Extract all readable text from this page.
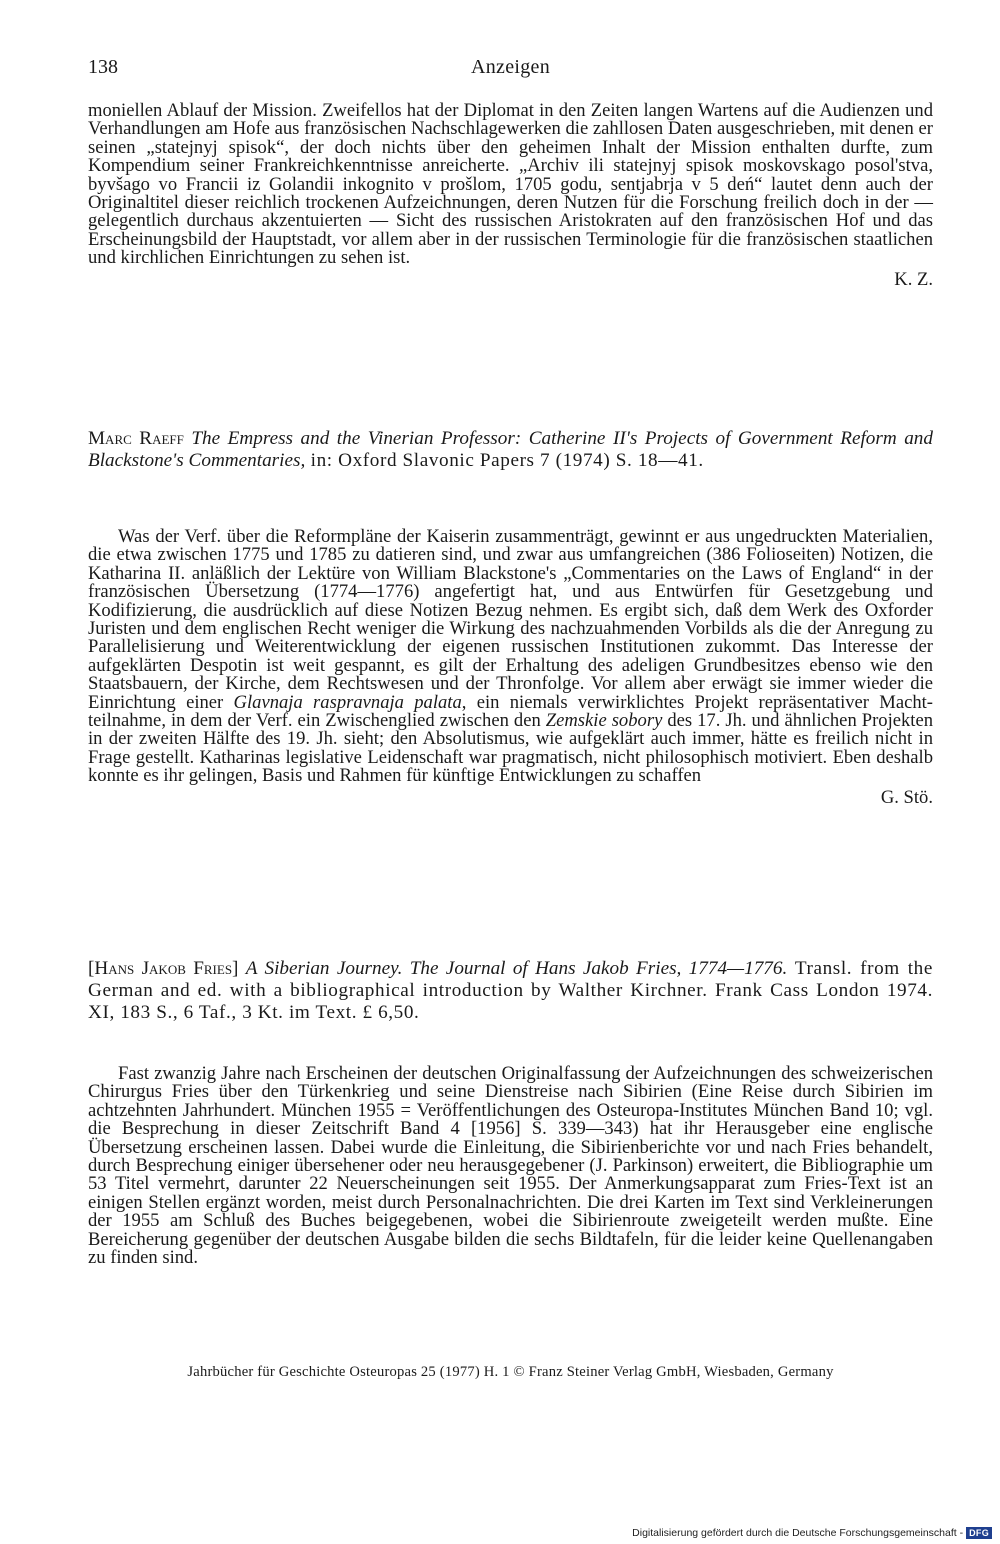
138	Anzeigen

moniellen Ablauf der Mission. Zweifellos hat der Diplomat in den Zeiten langen Wartens auf die Audienzen und Verhandlungen am Hofe aus französischen Nachschlagewerken die zahllosen Daten ausgeschrieben, mit denen er seinen „statejnyj spisok“, der doch nichts über den geheimen Inhalt der Mission enthalten durfte, zum Kompendium seiner Frankreichkenntnisse anreicherte. „Archiv ili statejnyj spisok moskovskago posol'stva, byvšago vo Francii iz Golandii inkognito v prošlom, 1705 godu, sentjabrja v 5 deń“ lautet denn auch der Originaltitel dieser reichlich trockenen Aufzeichnungen, deren Nutzen für die Forschung freilich doch in der — gelegentlich durchaus akzentuierten — Sicht des russischen Aristokraten auf den französischen Hof und das Erscheinungsbild der Hauptstadt, vor allem aber in der russischen Terminologie für die französischen staatlichen und kirchlichen Einrichtungen zu sehen ist.

K. Z.

Marc Raeff The Empress and the Vinerian Professor: Catherine II's Projects of Government Reform and Blackstone's Commentaries, in: Oxford Slavonic Papers 7 (1974) S. 18—41.

Was der Verf. über die Reformpläne der Kaiserin zusammenträgt, gewinnt er aus ungedruckten Materialien, die etwa zwischen 1775 und 1785 zu datieren sind, und zwar aus umfangreichen (386 Folioseiten) Notizen, die Katharina II. anläßlich der Lektüre von William Blackstone's „Commentaries on the Laws of England“ in der französischen Übersetzung (1774—1776) angefertigt hat, und aus Entwürfen für Gesetzgebung und Kodifizierung, die ausdrücklich auf diese Notizen Bezug nehmen. Es ergibt sich, daß dem Werk des Oxforder Juristen und dem englischen Recht weniger die Wirkung des nachzuahmenden Vorbilds als die der Anregung zu Parallelisierung und Weiterentwicklung der eigenen russischen Institutionen zukommt. Das Interesse der aufgeklärten Despotin ist weit gespannt, es gilt der Erhaltung des adeligen Grundbesitzes ebenso wie den Staatsbauern, der Kirche, dem Rechtswesen und der Thronfolge. Vor allem aber erwägt sie immer wieder die Einrichtung einer Glavnaja raspravnaja palata, ein niemals verwirklichtes Projekt repräsentativer Machtteilnahme, in dem der Verf. ein Zwischenglied zwischen den Zemskie sobory des 17. Jh. und ähnlichen Projekten in der zweiten Hälfte des 19. Jh. sieht; den Absolutismus, wie aufgeklärt auch immer, hätte es freilich nicht in Frage gestellt. Katharinas legislative Leidenschaft war pragmatisch, nicht philosophisch motiviert. Eben deshalb konnte es ihr gelingen, Basis und Rahmen für künftige Entwicklungen zu schaffen

G. Stö.

[Hans Jakob Fries] A Siberian Journey. The Journal of Hans Jakob Fries, 1774—1776. Transl. from the German and ed. with a bibliographical introduction by Walther Kirchner. Frank Cass London 1974. XI, 183 S., 6 Taf., 3 Kt. im Text. £ 6,50.

Fast zwanzig Jahre nach Erscheinen der deutschen Originalfassung der Aufzeichnungen des schweizerischen Chirurgus Fries über den Türkenkrieg und seine Dienstreise nach Sibirien (Eine Reise durch Sibirien im achtzehnten Jahrhundert. München 1955 = Veröffentlichungen des Osteuropa-Institutes München Band 10; vgl. die Besprechung in dieser Zeitschrift Band 4 [1956] S. 339—343) hat ihr Herausgeber eine englische Übersetzung erscheinen lassen. Dabei wurde die Einleitung, die Sibirienberichte vor und nach Fries behandelt, durch Besprechung einiger übersehener oder neu herausgegebener (J. Parkinson) erweitert, die Bibliographie um 53 Titel vermehrt, darunter 22 Neuerscheinungen seit 1955. Der Anmerkungsapparat zum Fries-Text ist an einigen Stellen ergänzt worden, meist durch Personalnachrichten. Die drei Karten im Text sind Verkleinerungen der 1955 am Schluß des Buches beigegebenen, wobei die Sibirienroute zweigeteilt werden mußte. Eine Bereicherung gegenüber der deutschen Ausgabe bilden die sechs Bildtafeln, für die leider keine Quellenangaben zu finden sind.

Jahrbücher für Geschichte Osteuropas 25 (1977) H. 1 © Franz Steiner Verlag GmbH, Wiesbaden, Germany
Digitalisierung gefördert durch die Deutsche Forschungsgemeinschaft - DFG
